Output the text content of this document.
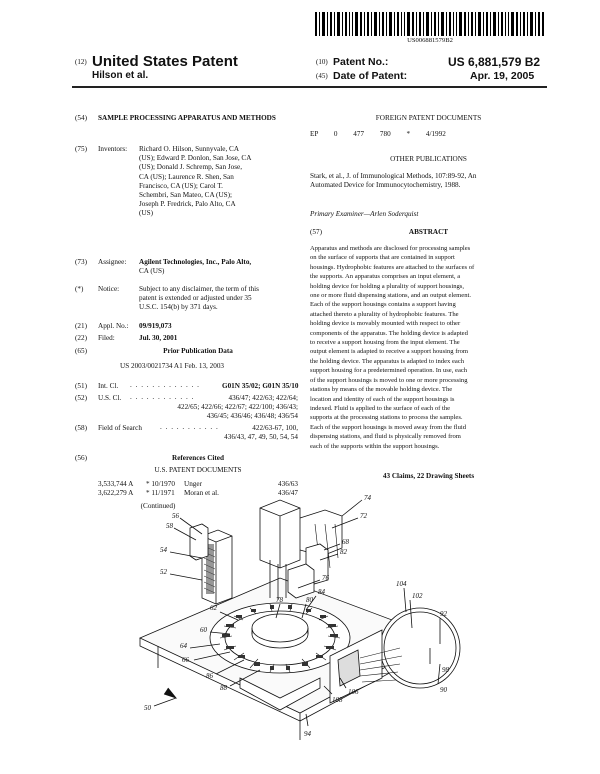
US006881579B2
(12) United States Patent
Hilson et al.
(10) Patent No.:	US 6,881,579 B2
(45) Date of Patent:	Apr. 19, 2005
(54) SAMPLE PROCESSING APPARATUS AND METHODS
(75) Inventors: Richard O. Hilson, Sunnyvale, CA
(US); Edward P. Donlon, San Jose, CA
(US); Donald J. Schremp, San Jose,
CA (US); Laurence R. Shen, San
Francisco, CA (US); Carol T.
Schembri, San Mateo, CA (US);
Joseph P. Fredrick, Palo Alto, CA
(US)
(73) Assignee: Agilent Technologies, Inc., Palo Alto,
CA (US)
(*) Notice:	Subject to any disclaimer, the term of this
patent is extended or adjusted under 35
U.S.C. 154(b) by 371 days.
(21) Appl. No.: 09/919,073
(22) Filed:	Jul. 30, 2001
(65)	Prior Publication Data
US 2003/0021734 A1 Feb. 13, 2003
(51) Int. Cl. . . . . . . . . . . . . .	G01N 35/02; G01N 35/10
(52) U.S. Cl. . . . . . . . . . . . .	436/47; 422/63; 422/64;
422/65; 422/66; 422/67; 422/100; 436/43;
436/45; 436/46; 436/48; 436/54
(58) Field of Search	. . . . . . . . . . .	422/63-67, 100,
436/43, 47, 49, 50, 54, 54
(56)	References Cited
U.S. PATENT DOCUMENTS
3,533,744 A	* 10/1970	Unger	436/63
3,622,279 A	* 11/1971	Moran et al.	436/47
(Continued)
FOREIGN PATENT DOCUMENTS
EP 0 477 780 * 4/1992
OTHER PUBLICATIONS
Stark, et al., J. of Immunological Methods, 107:89-92, An
Automated Device for Immunocytochemistry, 1988.
Primary Examiner—Arlen Soderquist
(57)	ABSTRACT
Apparatus and methods are disclosed for processing samples
on the surface of supports that are contained in support
housings. Hydrophobic features are attached to the surfaces of
the supports. An apparatus comprises an input element, a
holding device for holding a plurality of support housings,
one or more fluid dispensing stations, and an output element.
Each of the support housings contains a support having
attached thereto a plurality of hydrophobic features. The
holding device is movably mounted with respect to other
components of the apparatus. The holding device is adapted
to receive a support housing from the input element. The
output element is adapted to receive a support housing from
the holding device. The apparatus is adapted to index each
support housing for a predetermined operation. In use, each
of the support housings is moved to one or more processing
stations by means of the movable holding device. The
location and identity of each of the support housings is
indexed. Fluid is applied to the surface of each of the
supports at the processing stations to process the samples.
Each of the support housings is moved away from the fluid
dispensing stations, and fluid is physically removed from
each of the supports within the support housings.
43 Claims, 22 Drawing Sheets
56
58
54
52
74
72
68
82
76
80
78
62
60
84
104
102
92
98
90
64
66
86
88
108
106
94
50
